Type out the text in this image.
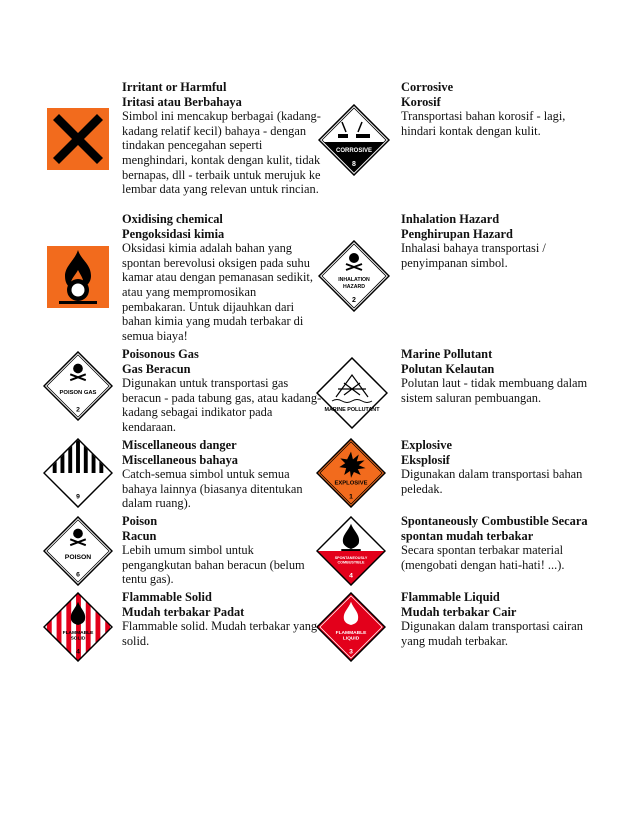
Irritant or Harmful
Iritasi atau Berbahaya
Simbol ini mencakup berbagai (kadang-kadang relatif kecil) bahaya - dengan tindakan pencegahan seperti menghindari, kontak dengan kulit, tidak bernapas, dll - terbaik untuk merujuk ke lembar data yang relevan untuk rincian.
CORROSIVE
8
Corrosive
Korosif
Transportasi bahan korosif - lagi, hindari kontak dengan kulit.
Oxidising chemical
Pengoksidasi kimia
Oksidasi kimia adalah bahan yang spontan berevolusi oksigen pada suhu kamar atau dengan pemanasan sedikit, atau yang mempromosikan pembakaran. Untuk dijauhkan dari bahan kimia yang mudah terbakar di semua biaya!
INHALATION
HAZARD
2
Inhalation Hazard
Penghirupan Hazard
Inhalasi bahaya transportasi / penyimpanan simbol.
POISON GAS
2
Poisonous Gas
Gas Beracun
Digunakan untuk transportasi gas beracun - pada tabung gas, atau kadang-kadang sebagai indikator pada kendaraan.
MARINE POLLUTANT
Marine Pollutant
Polutan Kelautan
Polutan laut - tidak membuang dalam sistem saluran pembuangan.
9
Miscellaneous danger
Miscellaneous bahaya
Catch-semua simbol untuk semua bahaya lainnya (biasanya ditentukan dalam ruang).
EXPLOSIVE
1
Explosive
Eksplosif
Digunakan dalam transportasi bahan peledak.
POISON
6
Poison
Racun
Lebih umum simbol untuk pengangkutan bahan beracun (belum tentu gas).
SPONTANEOUSLY
COMBUSTIBLE
4
Spontaneously Combustible Secara
spontan mudah terbakar
Secara spontan terbakar material (mengobati dengan hati-hati! ...).
FLAMMABLE
SOLID
4
Flammable Solid
Mudah terbakar Padat
Flammable solid. Mudah terbakar yang solid.
FLAMMABLE
LIQUID
3
Flammable Liquid
Mudah terbakar Cair
Digunakan dalam transportasi cairan yang mudah terbakar.
